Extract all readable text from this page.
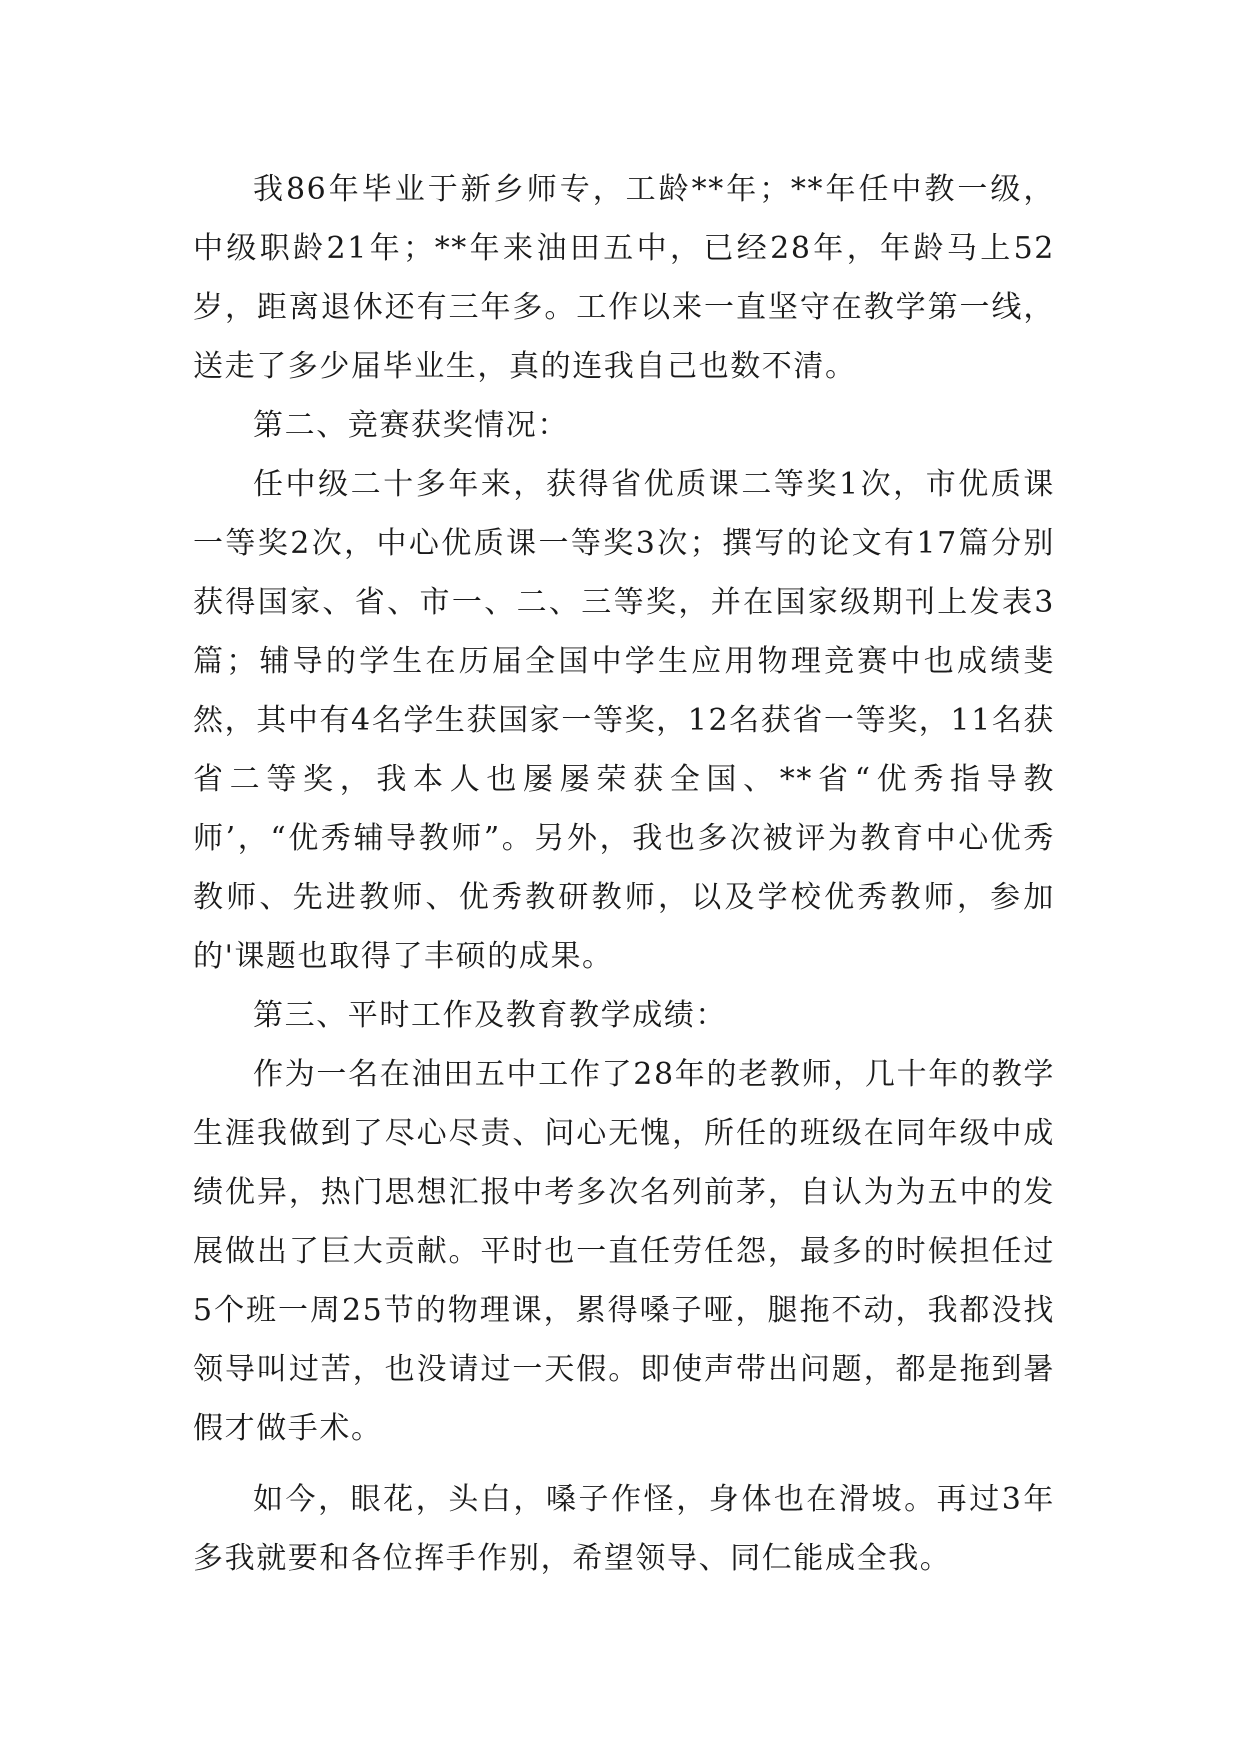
我86年毕业于新乡师专，工龄**年；**年任中教一级，中级职龄21年；**年来油田五中，已经28年，年龄马上52岁，距离退休还有三年多。工作以来一直坚守在教学第一线，送走了多少届毕业生，真的连我自己也数不清。

第二、竞赛获奖情况：

任中级二十多年来，获得省优质课二等奖1次，市优质课一等奖2次，中心优质课一等奖3次；撰写的论文有17篇分别获得国家、省、市一、二、三等奖，并在国家级期刊上发表3篇；辅导的学生在历届全国中学生应用物理竞赛中也成绩斐然，其中有4名学生获国家一等奖，12名获省一等奖，11名获省二等奖，我本人也屡屡荣获全国、**省“优秀指导教师’，“优秀辅导教师”。另外，我也多次被评为教育中心优秀教师、先进教师、优秀教研教师，以及学校优秀教师，参加的'课题也取得了丰硕的成果。

第三、平时工作及教育教学成绩：

作为一名在油田五中工作了28年的老教师，几十年的教学生涯我做到了尽心尽责、问心无愧，所任的班级在同年级中成绩优异，热门思想汇报中考多次名列前茅，自认为为五中的发展做出了巨大贡献。平时也一直任劳任怨，最多的时候担任过5个班一周25节的物理课，累得嗓子哑，腿拖不动，我都没找领导叫过苦，也没请过一天假。即使声带出问题，都是拖到暑假才做手术。

如今，眼花，头白，嗓子作怪，身体也在滑坡。再过3年多我就要和各位挥手作别，希望领导、同仁能成全我。
